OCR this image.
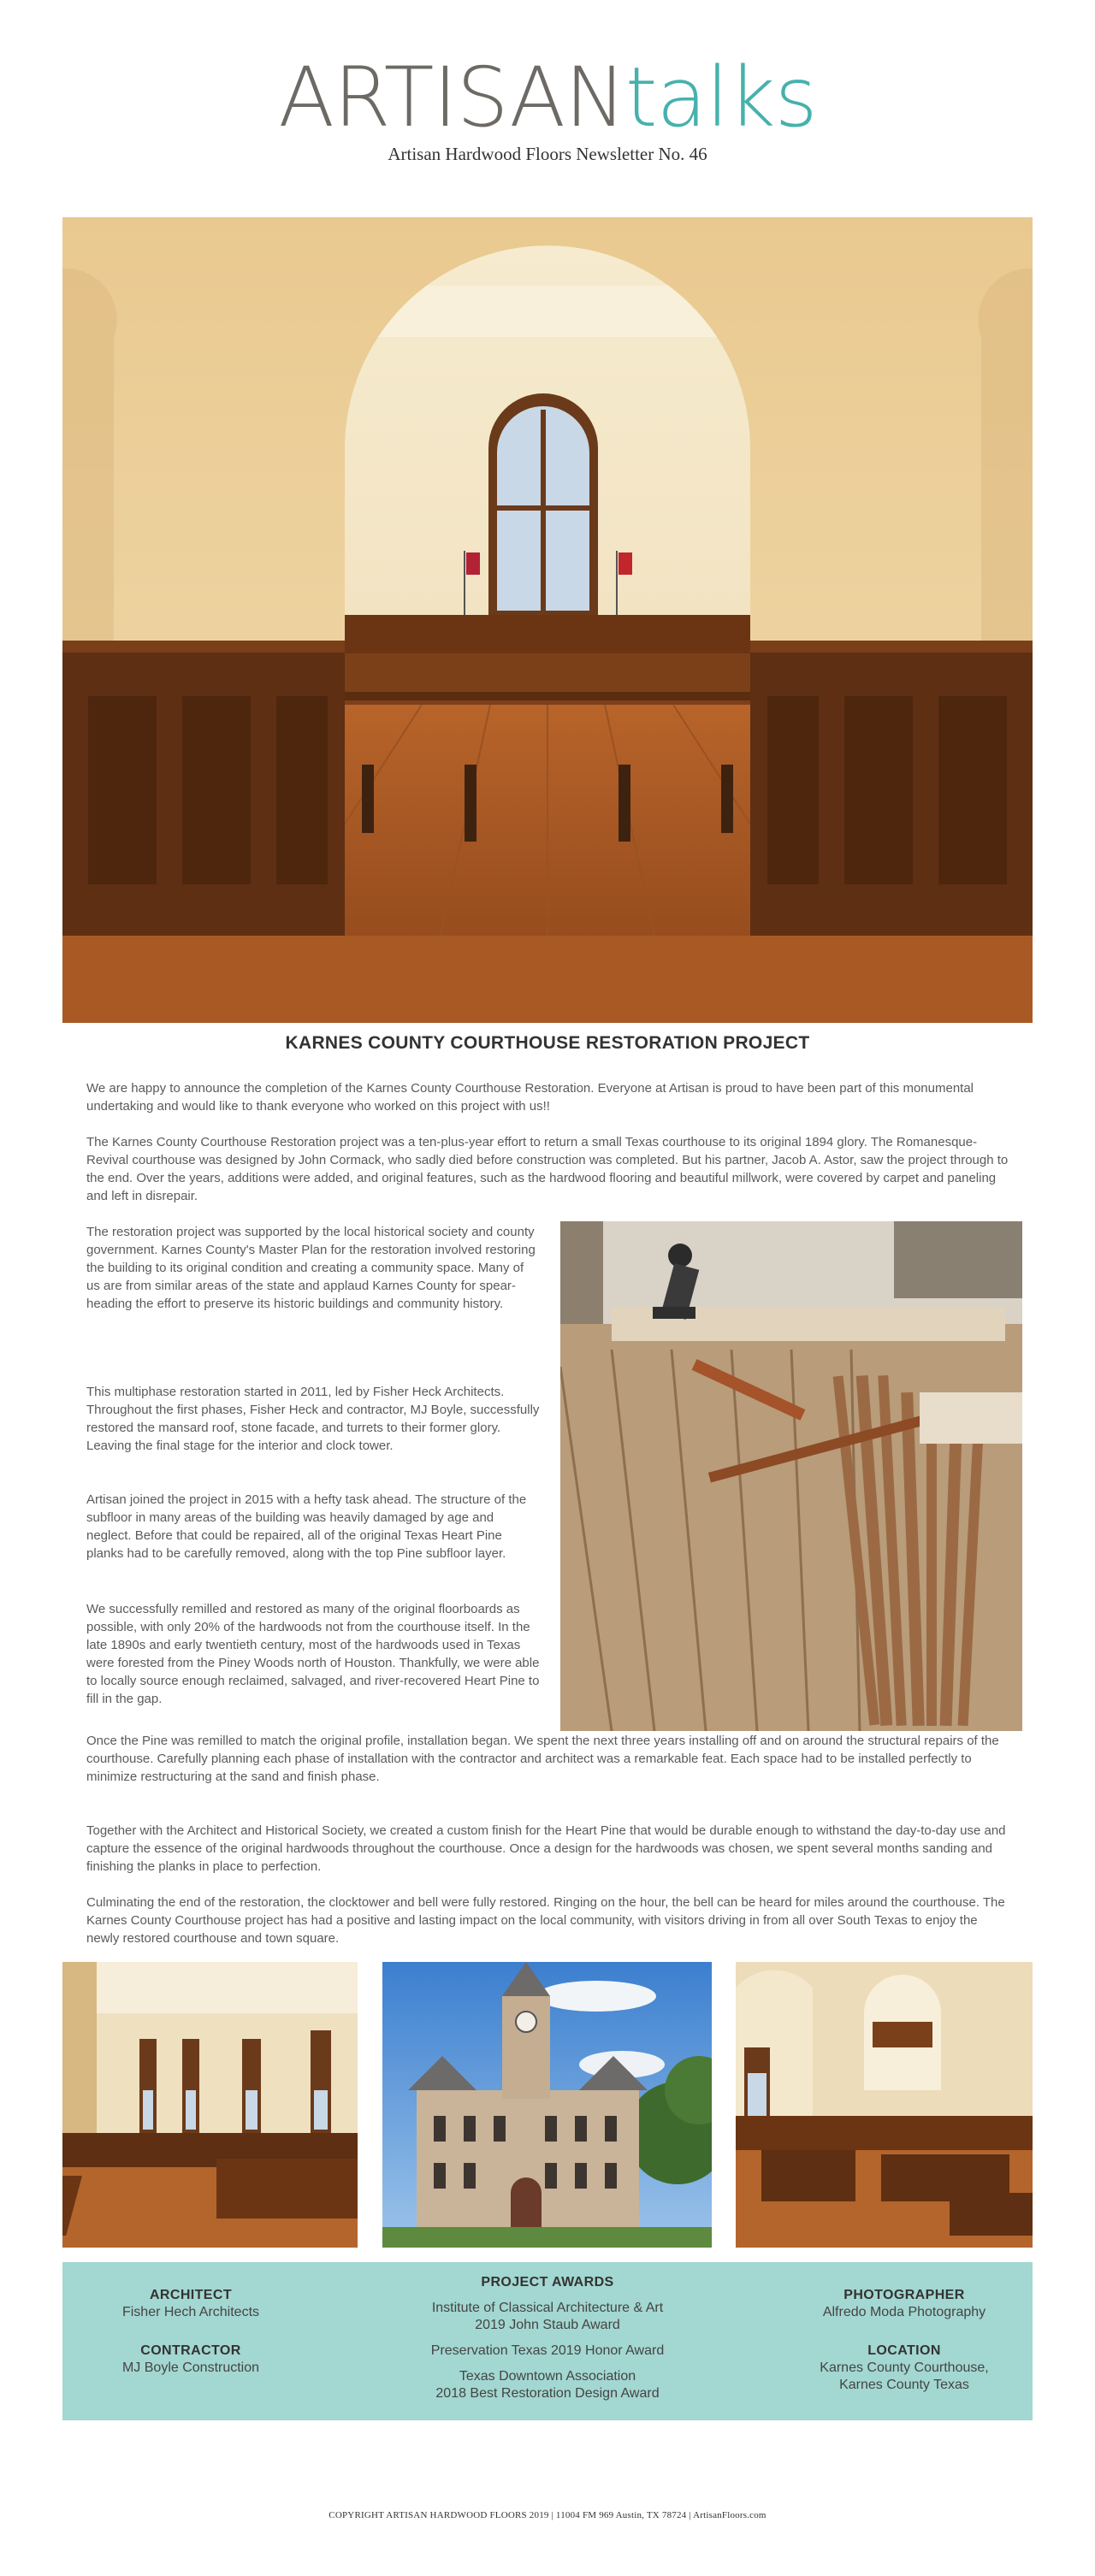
ARTISANtalks
Artisan Hardwood Floors Newsletter No. 46
KARNES COUNTY COURTHOUSE RESTORATION PROJECT

We are happy to announce the completion of the Karnes County Courthouse Restoration. Everyone at Artisan is proud to have been part of this monumental undertaking and would like to thank everyone who worked on this project with us!!

The Karnes County Courthouse Restoration project was a ten-plus-year effort to return a small Texas courthouse to its original 1894 glory. The Romanesque-Revival courthouse was designed by John Cormack, who sadly died before construction was completed. But his partner, Jacob A. Astor, saw the project through to the end. Over the years, additions were added, and original features, such as the hardwood flooring and beautiful millwork, were covered by carpet and paneling and left in disrepair.

The restoration project was supported by the local historical society and county government. Karnes County's Master Plan for the restoration involved restoring the building to its original condition and creating a community space. Many of us are from similar areas of the state and applaud Karnes County for spear-heading the effort to preserve its historic buildings and community history.

This multiphase restoration started in 2011, led by Fisher Heck Architects. Throughout the first phases, Fisher Heck and contractor, MJ Boyle, successfully restored the mansard roof, stone facade, and turrets to their former glory. Leaving the final stage for the interior and clock tower.

Artisan joined the project in 2015 with a hefty task ahead. The structure of the subfloor in many areas of the building was heavily damaged by age and neglect. Before that could be repaired, all of the original Texas Heart Pine planks had to be carefully removed, along with the top Pine subfloor layer.

We successfully remilled and restored as many of the original floorboards as possible, with only 20% of the hardwoods not from the courthouse itself. In the late 1890s and early twentieth century, most of the hardwoods used in Texas were forested from the Piney Woods north of Houston. Thankfully, we were able to locally source enough reclaimed, salvaged, and river-recovered Heart Pine to fill in the gap.

Once the Pine was remilled to match the original profile, installation began. We spent the next three years installing off and on around the structural repairs of the courthouse. Carefully planning each phase of installation with the contractor and architect was a remarkable feat. Each space had to be installed perfectly to minimize restructuring at the sand and finish phase.

Together with the Architect and Historical Society, we created a custom finish for the Heart Pine that would be durable enough to withstand the day-to-day use and capture the essence of the original hardwoods throughout the courthouse. Once a design for the hardwoods was chosen, we spent several months sanding and finishing the planks in place to perfection.

Culminating the end of the restoration, the clocktower and bell were fully restored. Ringing on the hour, the bell can be heard for miles around the courthouse. The Karnes County Courthouse project has had a positive and lasting impact on the local community, with visitors driving in from all over South Texas to enjoy the newly restored courthouse and town square.

ARCHITECT
Fisher Hech Architects
CONTRACTOR
MJ Boyle Construction
PROJECT AWARDS
Institute of Classical Architecture & Art
2019 John Staub Award
Preservation Texas 2019 Honor Award
Texas Downtown Association
2018 Best Restoration Design Award
PHOTOGRAPHER
Alfredo Moda Photography
LOCATION
Karnes County Courthouse,
Karnes County Texas
COPYRIGHT ARTISAN HARDWOOD FLOORS 2019 | 11004 FM 969 Austin, TX 78724 | ArtisanFloors.com
